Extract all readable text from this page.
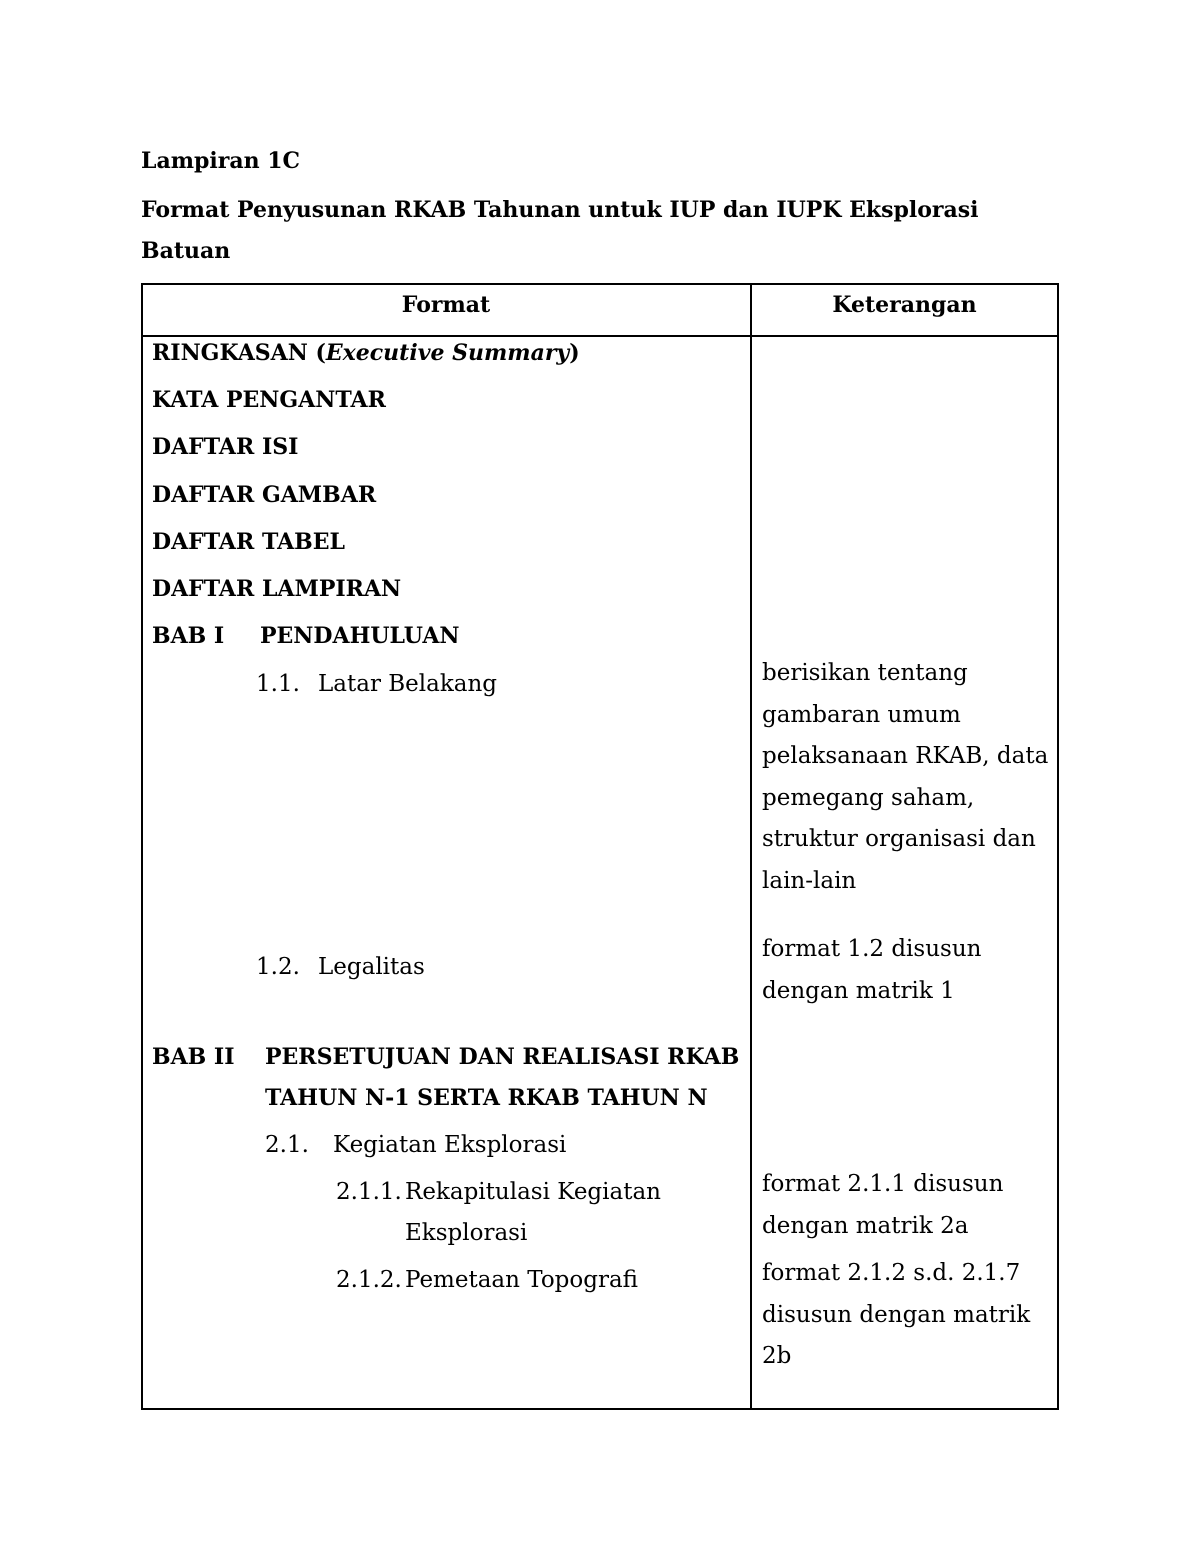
Lampiran 1C
Format Penyusunan RKAB Tahunan untuk IUP dan IUPK Eksplorasi
Batuan
Format	Keterangan
RINGKASAN (Executive Summary)
KATA PENGANTAR
DAFTAR ISI
DAFTAR GAMBAR
DAFTAR TABEL
DAFTAR LAMPIRAN
BAB I PENDAHULUAN
1.1. Latar Belakang
1.2. Legalitas
BAB II PERSETUJUAN DAN REALISASI RKAB
TAHUN N-1 SERTA RKAB TAHUN N
2.1. Kegiatan Eksplorasi
2.1.1. Rekapitulasi Kegiatan
Eksplorasi
2.1.2. Pemetaan Topografi
berisikan tentang gambaran umum pelaksanaan RKAB, data pemegang saham, struktur organisasi dan lain-lain
format 1.2 disusun dengan matrik 1
format 2.1.1 disusun dengan matrik 2a
format 2.1.2 s.d. 2.1.7 disusun dengan matrik 2b
